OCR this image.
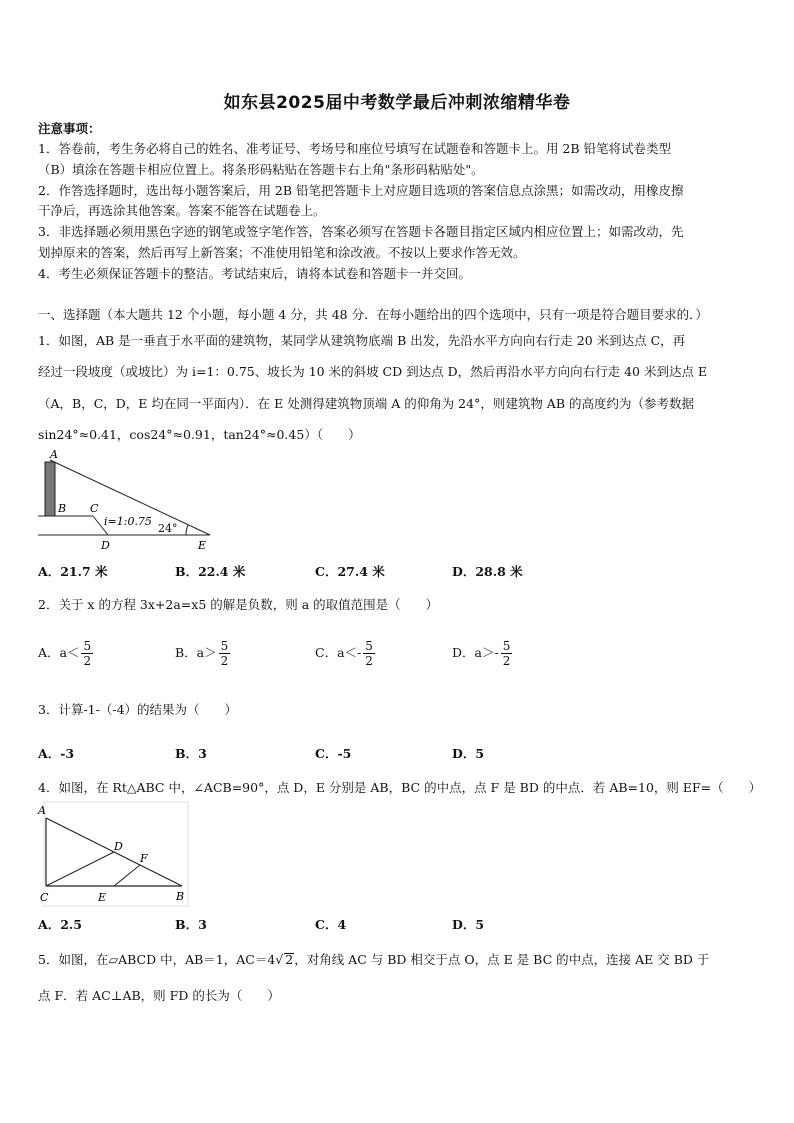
如东县2025届中考数学最后冲刺浓缩精华卷
注意事项：
1．答卷前，考生务必将自己的姓名、准考证号、考场号和座位号填写在试题卷和答题卡上。用 2B 铅笔将试卷类型
（B）填涂在答题卡相应位置上。将条形码粘贴在答题卡右上角"条形码粘贴处"。
2．作答选择题时，选出每小题答案后，用 2B 铅笔把答题卡上对应题目选项的答案信息点涂黑；如需改动，用橡皮擦
干净后，再选涂其他答案。答案不能答在试题卷上。
3．非选择题必须用黑色字迹的钢笔或签字笔作答，答案必须写在答题卡各题目指定区域内相应位置上；如需改动，先
划掉原来的答案，然后再写上新答案；不准使用铅笔和涂改液。不按以上要求作答无效。
4．考生必须保证答题卡的整洁。考试结束后，请将本试卷和答题卡一并交回。
一、选择题（本大题共 12 个小题，每小题 4 分，共 48 分．在每小题给出的四个选项中，只有一项是符合题目要求的．）
1．如图，AB 是一垂直于水平面的建筑物，某同学从建筑物底端 B 出发，先沿水平方向向右行走 20 米到达点 C，再
经过一段坡度（或坡比）为 i=1：0.75、坡长为 10 米的斜坡 CD 到达点 D，然后再沿水平方向向右行走 40 米到达点 E
（A，B，C，D，E 均在同一平面内）．在 E 处测得建筑物顶端 A 的仰角为 24°，则建筑物 AB 的高度约为（参考数据
sin24°≈0.41，cos24°≈0.91，tan24°≈0.45）（　　）
A
B C
D	E
i=1:0.75
24°
A．21.7 米	B．22.4 米	C．27.4 米	D．28.8 米
2．关于 x 的方程 3x+2a=x5 的解是负数，则 a 的取值范围是（　　）
A．$a< \frac{5}{2}$	B．$a> \frac{5}{2}$	C．$a<- \frac{5}{2}$	D．$a>- \frac{5}{2}$
3．计算-1-（-4）的结果为（　　）
A．-3	B．3	C．-5	D．5
4．如图，在 Rt△ABC 中，∠ACB=90°，点 D，E 分别是 AB，BC 的中点，点 F 是 BD 的中点．若 AB=10，则 EF=（　　）
A
D
F
C	E	B
A．2.5	B．3	C．4	D．5
5．如图，在▱ABCD 中，AB＝1，AC＝4√ 2，对角线 AC 与 BD 相交于点 O，点 E 是 BC 的中点，连接 AE 交 BD 于
点 F．若 AC⊥AB，则 FD 的长为（　　）
